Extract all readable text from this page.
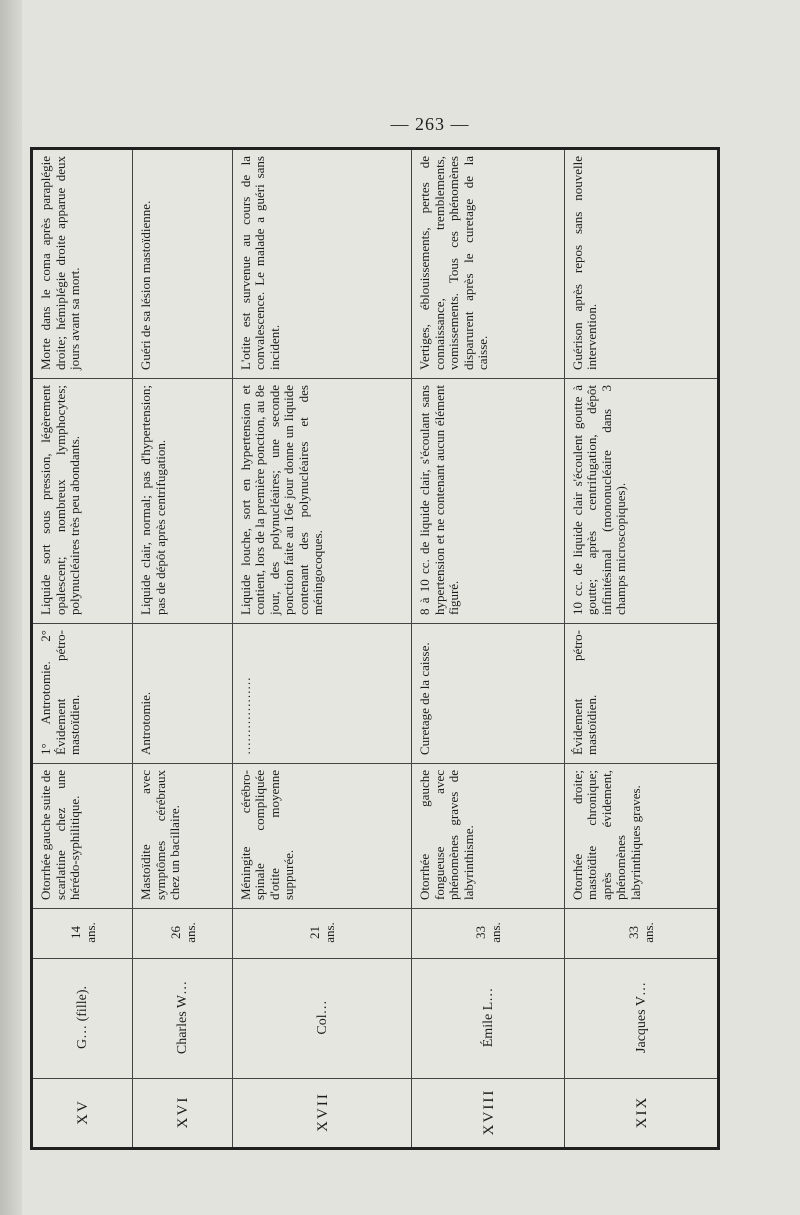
— 263 —
XV	G… (fille).	14 ans.	Otorrhée gauche suite de scarlatine chez une hérédo-syphilitique.	1° Antrotomie. 2° Évidement pétro-mastoïdien.	Liquide sort sous pression, légèrement opalescent; nombreux lymphocytes; polynucléaires très peu abondants.	Morte dans le coma après paraplégie droite; hémiplégie droite apparue deux jours avant sa mort.
XVI	Charles W…	26 ans.	Mastoïdite avec symptômes cérébraux chez un bacillaire.	Antrotomie.	Liquide clair, normal; pas d'hypertension; pas de dépôt après centrifugation.	Guéri de sa lésion mastoïdienne.
XVII	Col…	21 ans.	Méningite cérébro-spinale compliquée d'otite moyenne suppurée.	………………	Liquide louche, sort en hypertension et contient, lors de la première ponction, au 8e jour, des polynucléaires; une seconde ponction faite au 16e jour donne un liquide contenant des polynucléaires et des méningocoques.	L'otite est survenue au cours de la convalescence. Le malade a guéri sans incident.
XVIII	Émile L…	33 ans.	Otorrhée gauche fongueuse avec phénomènes graves de labyrinthisme.	Curetage de la caisse.	8 à 10 cc. de liquide clair, s'écoulant sans hypertension et ne contenant aucun élément figuré.	Vertiges, éblouissements, pertes de connaissance, tremblements, vomissements. Tous ces phénomènes disparurent après le curetage de la caisse.
XIX	Jacques V…	33 ans.	Otorrhée droite; mastoïdite chronique; après évidement, phénomènes labyrinthiques graves.	Évidement pétro-mastoïdien.	10 cc. de liquide clair s'écoulent goutte à goutte; après centrifugation, dépôt infinitésimal (mononucléaire dans 3 champs microscopiques).	Guérison après repos sans nouvelle intervention.
